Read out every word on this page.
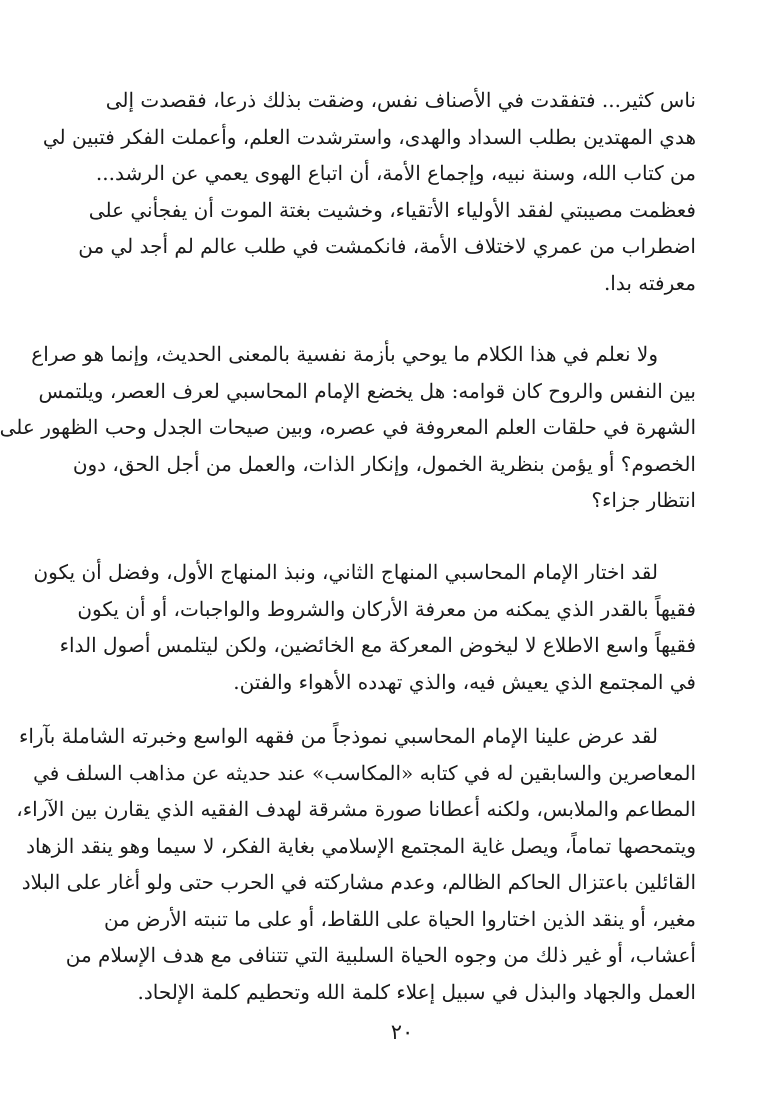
ناس كثير... فتفقدت في الأصناف نفس، وضقت بذلك ذرعا، فقصدت إلى
هدي المهتدين بطلب السداد والهدى، واسترشدت العلم، وأعملت الفكر فتبين لي
من كتاب الله، وسنة نبيه، وإجماع الأمة، أن اتباع الهوى يعمي عن الرشد...
فعظمت مصيبتي لفقد الأولياء الأتقياء، وخشيت بغتة الموت أن يفجأني على
اضطراب من عمري لاختلاف الأمة، فانكمشت في طلب عالم لم أجد لي من
معرفته بدا.
ولا نعلم في هذا الكلام ما يوحي بأزمة نفسية بالمعنى الحديث، وإنما هو صراع
بين النفس والروح كان قوامه: هل يخضع الإمام المحاسبي لعرف العصر، ويلتمس
الشهرة في حلقات العلم المعروفة في عصره، وبين صيحات الجدل وحب الظهور على
الخصوم؟ أو يؤمن بنظرية الخمول، وإنكار الذات، والعمل من أجل الحق، دون
انتظار جزاء؟
لقد اختار الإمام المحاسبي المنهاج الثاني، ونبذ المنهاج الأول، وفضل أن يكون
فقيهاً بالقدر الذي يمكنه من معرفة الأركان والشروط والواجبات، أو أن يكون
فقيهاً واسع الاطلاع لا ليخوض المعركة مع الخائضين، ولكن ليتلمس أصول الداء
في المجتمع الذي يعيش فيه، والذي تهدده الأهواء والفتن.
لقد عرض علينا الإمام المحاسبي نموذجاً من فقهه الواسع وخبرته الشاملة بآراء
المعاصرين والسابقين له في كتابه «المكاسب» عند حديثه عن مذاهب السلف في
المطاعم والملابس، ولكنه أعطانا صورة مشرقة لهدف الفقيه الذي يقارن بين الآراء،
ويتمحصها تماماً، ويصل غاية المجتمع الإسلامي بغاية الفكر، لا سيما وهو ينقد الزهاد
القائلين باعتزال الحاكم الظالم، وعدم مشاركته في الحرب حتى ولو أغار على البلاد
مغير، أو ينقد الذين اختاروا الحياة على اللقاط، أو على ما تنبته الأرض من
أعشاب، أو غير ذلك من وجوه الحياة السلبية التي تتنافى مع هدف الإسلام من
العمل والجهاد والبذل في سبيل إعلاء كلمة الله وتحطيم كلمة الإلحاد.
٢٠
